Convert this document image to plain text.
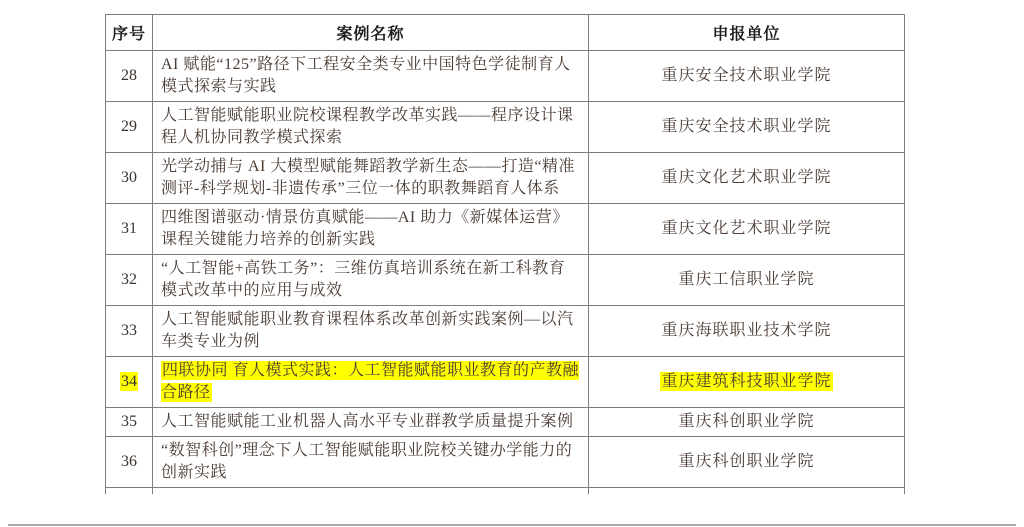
序号	案例名称	申报单位
28	AI 赋能“125”路径下工程安全类专业中国特色学徒制育人模式探索与实践	重庆安全技术职业学院
29	人工智能赋能职业院校课程教学改革实践——程序设计课程人机协同教学模式探索	重庆安全技术职业学院
30	光学动捕与 AI 大模型赋能舞蹈教学新生态——打造“精准测评-科学规划-非遗传承”三位一体的职教舞蹈育人体系	重庆文化艺术职业学院
31	四维图谱驱动·情景仿真赋能——AI 助力《新媒体运营》课程关键能力培养的创新实践	重庆文化艺术职业学院
32	“人工智能+高铁工务”：三维仿真培训系统在新工科教育模式改革中的应用与成效	重庆工信职业学院
33	人工智能赋能职业教育课程体系改革创新实践案例—以汽车类专业为例	重庆海联职业技术学院
34	四联协同 育人模式实践：人工智能赋能职业教育的产教融合路径	重庆建筑科技职业学院
35	人工智能赋能工业机器人高水平专业群教学质量提升案例	重庆科创职业学院
36	“数智科创”理念下人工智能赋能职业院校关键办学能力的创新实践	重庆科创职业学院
